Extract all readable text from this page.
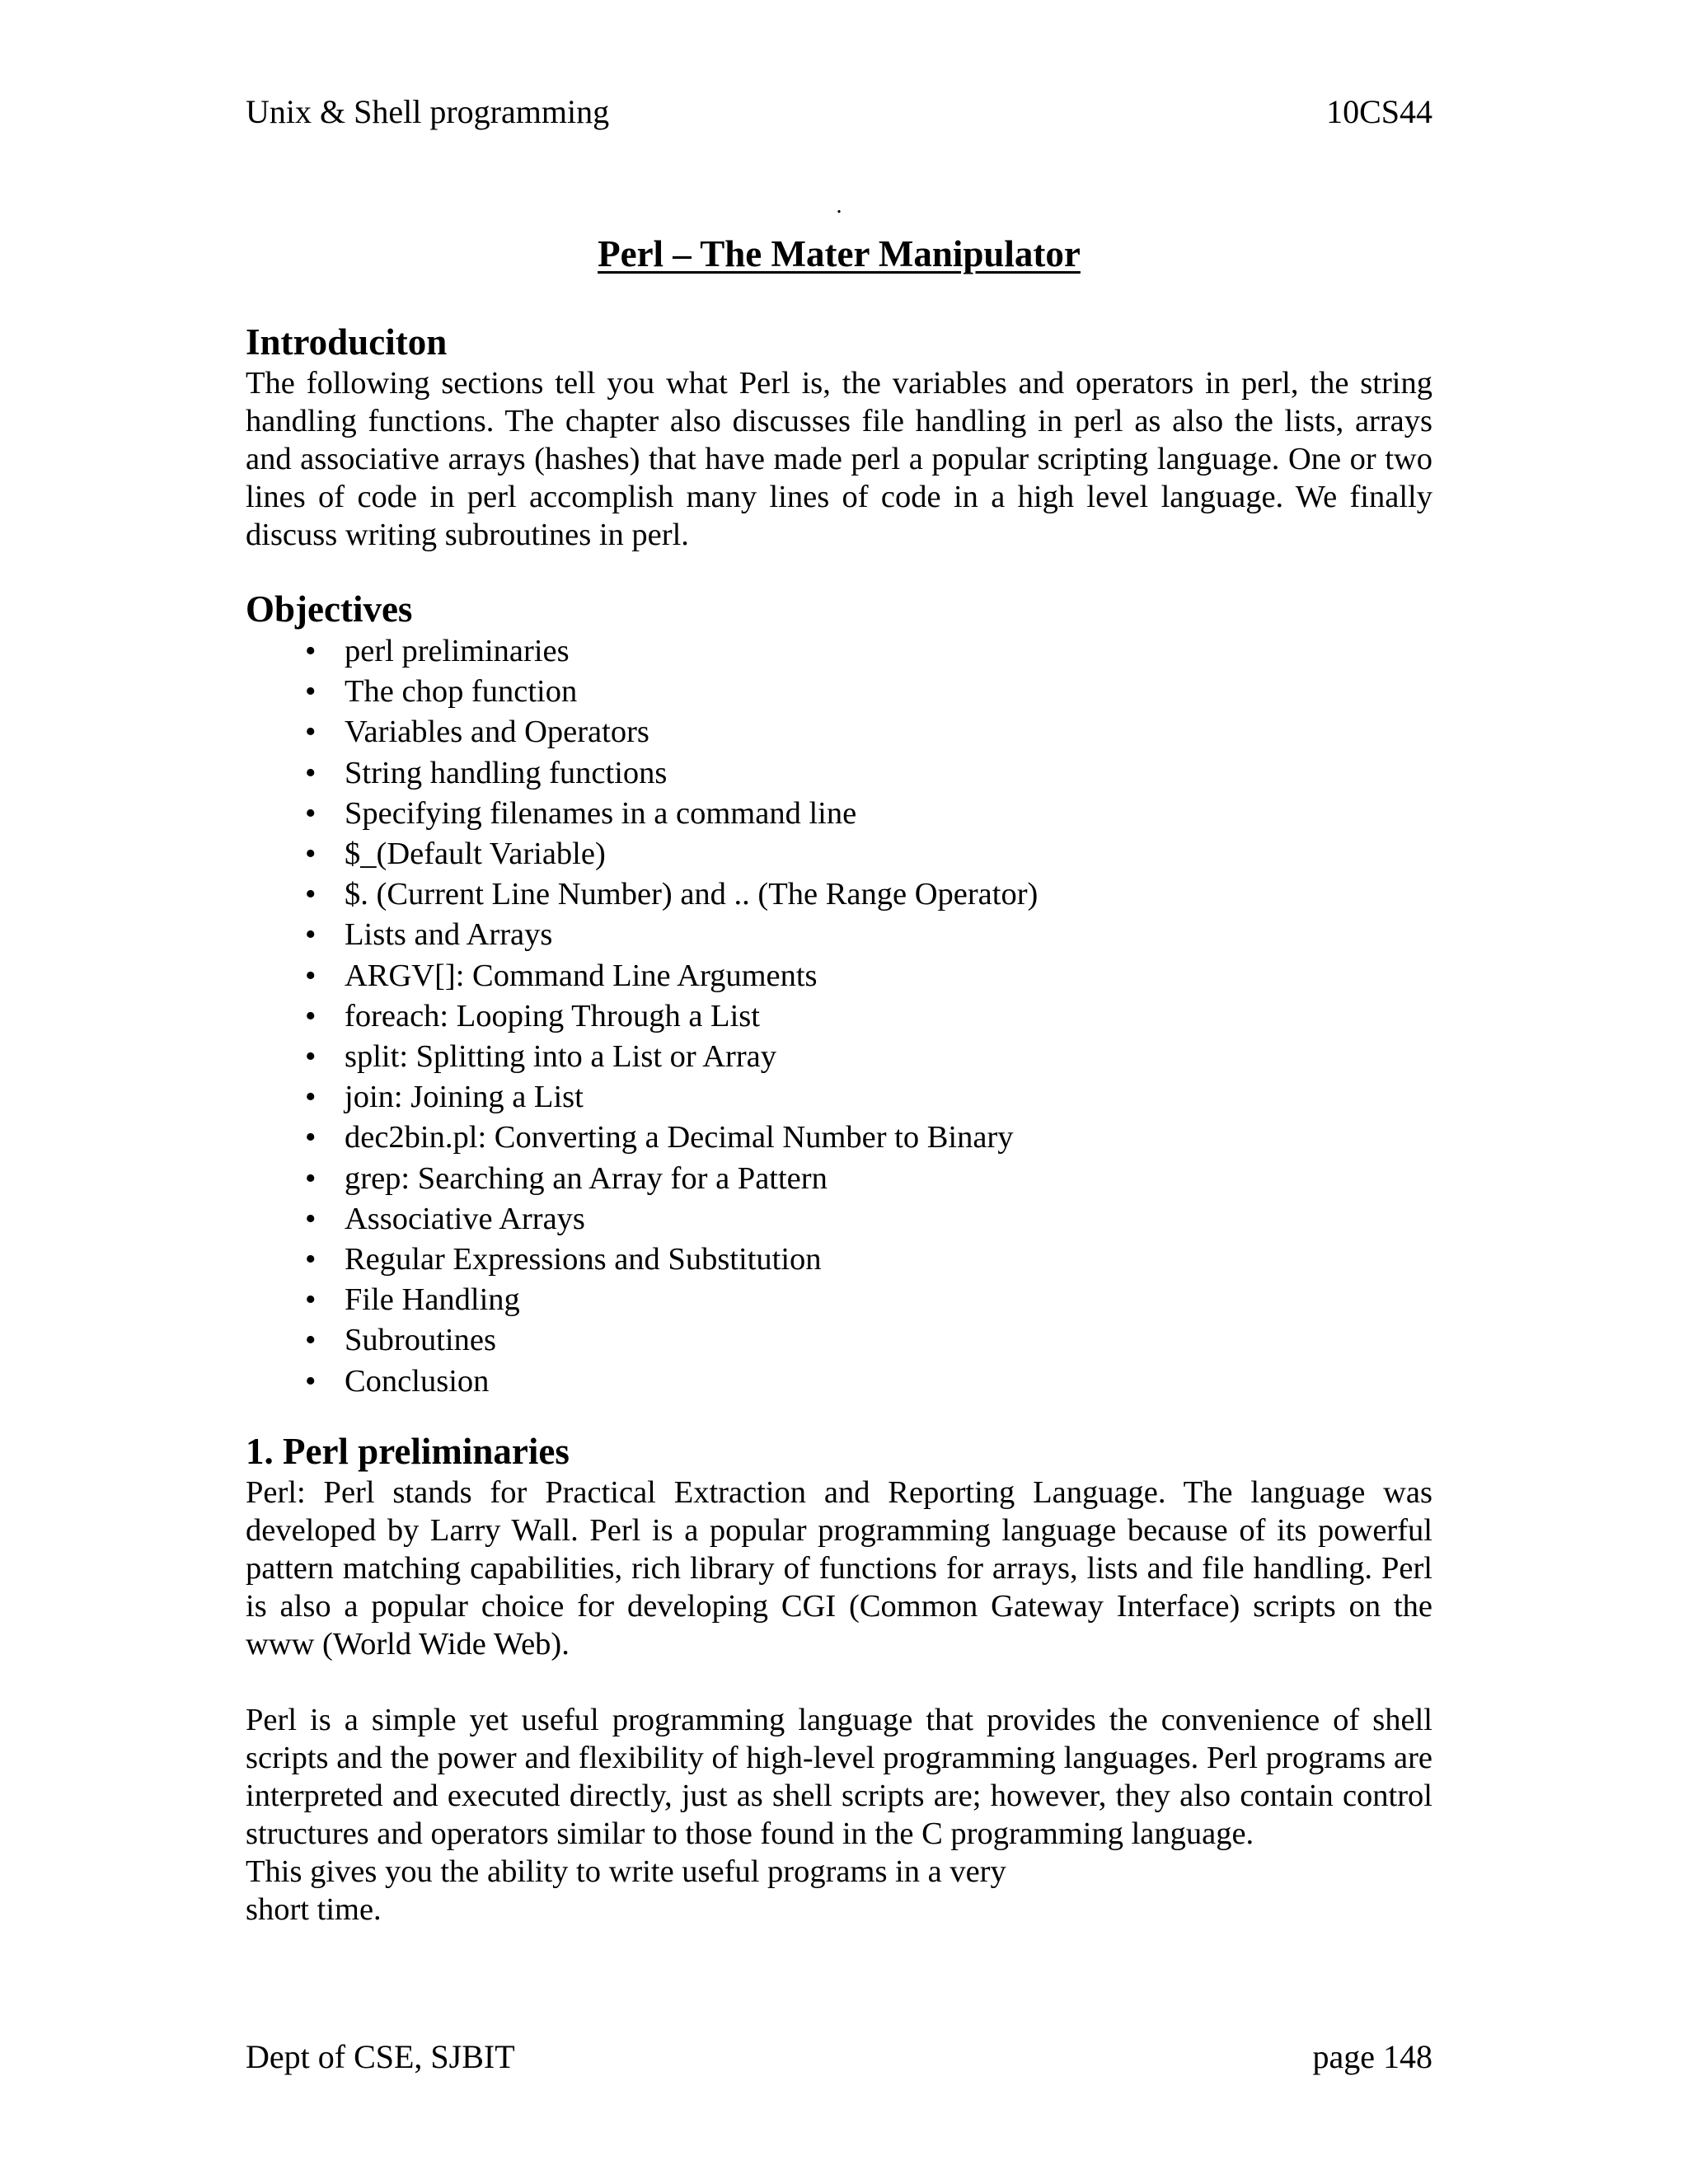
Unix & Shell programming	10CS44
.
Perl – The Mater Manipulator
Introduciton

The following sections tell you what Perl is, the variables and operators in perl, the string handling functions. The chapter also discusses file handling in perl as also the lists, arrays and associative arrays (hashes) that have made perl a popular scripting language. One or two lines of code in perl accomplish many lines of code in a high level language. We finally discuss writing subroutines in perl.

Objectives
• perl preliminaries
• The chop function
• Variables and Operators
• String handling functions
• Specifying filenames in a command line
• $_(Default Variable)
• $. (Current Line Number) and .. (The Range Operator)
• Lists and Arrays
• ARGV[]: Command Line Arguments
• foreach: Looping Through a List
• split: Splitting into a List or Array
• join: Joining a List
• dec2bin.pl: Converting a Decimal Number to Binary
• grep: Searching an Array for a Pattern
• Associative Arrays
• Regular Expressions and Substitution
• File Handling
• Subroutines
• Conclusion
1. Perl preliminaries

Perl: Perl stands for Practical Extraction and Reporting Language. The language was developed by Larry Wall. Perl is a popular programming language because of its powerful pattern matching capabilities, rich library of functions for arrays, lists and file handling. Perl is also a popular choice for developing CGI (Common Gateway Interface) scripts on the www (World Wide Web).

Perl is a simple yet useful programming language that provides the convenience of shell scripts and the power and flexibility of high-level programming languages. Perl programs are interpreted and executed directly, just as shell scripts are; however, they also contain control structures and operators similar to those found in the C programming language.

This gives you the ability to write useful programs in a very

short time.

Dept of CSE, SJBIT	page 148
